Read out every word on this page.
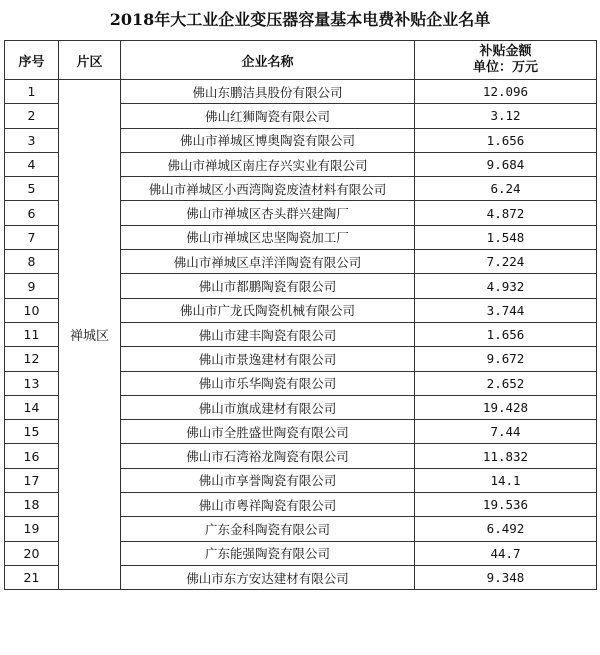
2018年大工业企业变压器容量基本电费补贴企业名单
序号	片区	企业名称	补贴金额
单位：万元

1	禅城区	佛山东鹏洁具股份有限公司	12.096
2		佛山红狮陶瓷有限公司	3.12
3		佛山市禅城区博奥陶瓷有限公司	1.656
4		佛山市禅城区南庄存兴实业有限公司	9.684
5		佛山市禅城区小西湾陶瓷废渣材料有限公司	6.24
6		佛山市禅城区杏头群兴建陶厂	4.872
7		佛山市禅城区忠坚陶瓷加工厂	1.548
8		佛山市禅城区卓洋洋陶瓷有限公司	7.224
9		佛山市都鹏陶瓷有限公司	4.932
10		佛山市广龙氏陶瓷机械有限公司	3.744
11		佛山市建丰陶瓷有限公司	1.656
12		佛山市景逸建材有限公司	9.672
13		佛山市乐华陶瓷有限公司	2.652
14		佛山市旗成建材有限公司	19.428
15		佛山市全胜盛世陶瓷有限公司	7.44
16		佛山市石湾裕龙陶瓷有限公司	11.832
17		佛山市享誉陶瓷有限公司	14.1
18		佛山市粤祥陶瓷有限公司	19.536
19		广东金科陶瓷有限公司	6.492
20		广东能强陶瓷有限公司	44.7
21		佛山市东方安达建材有限公司	9.348
